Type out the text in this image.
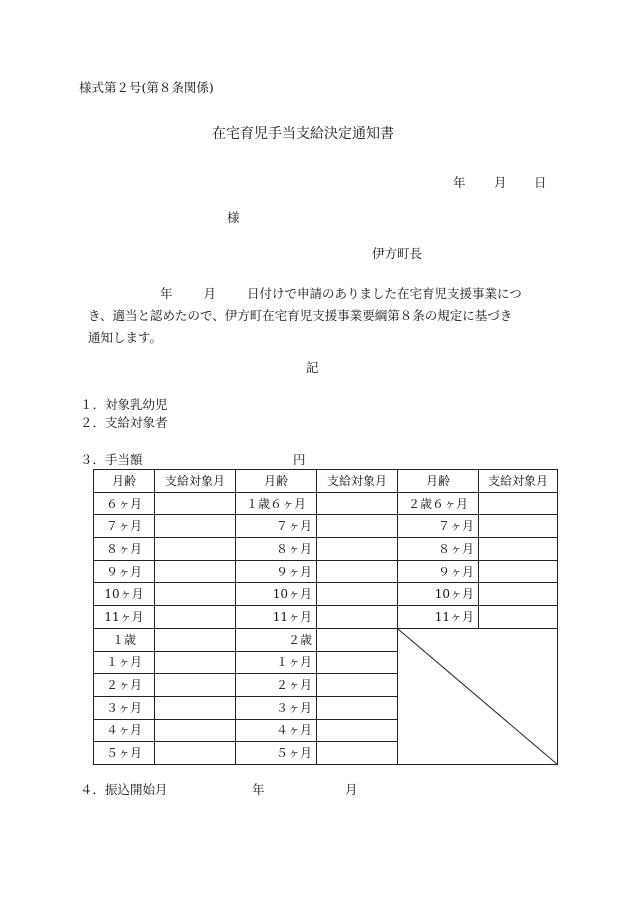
様式第２号(第８条関係)
在宅育児手当支給決定通知書
年 月 日
様
伊方町長

年 月 日付けで申請のありました在宅育児支援事業につ

き、適当と認めたので、伊方町在宅育児支援事業要綱第８条の規定に基づき

通知します。

記
１．対象乳幼児
２．支給対象者
３．手当額	円
月齢	支給対象月	月齢	支給対象月	月齢	支給対象月
６ヶ月		１歳６ヶ月		２歳６ヶ月	
７ヶ月		７ヶ月		７ヶ月	
８ヶ月		８ヶ月		８ヶ月	
９ヶ月		９ヶ月		９ヶ月	
10ヶ月		10ヶ月		10ヶ月	
11ヶ月		11ヶ月		11ヶ月	
１歳		２歳		

１ヶ月		１ヶ月			
２ヶ月		２ヶ月			
３ヶ月		３ヶ月			
４ヶ月		４ヶ月			
５ヶ月		５ヶ月			
４．振込開始月	年	月
